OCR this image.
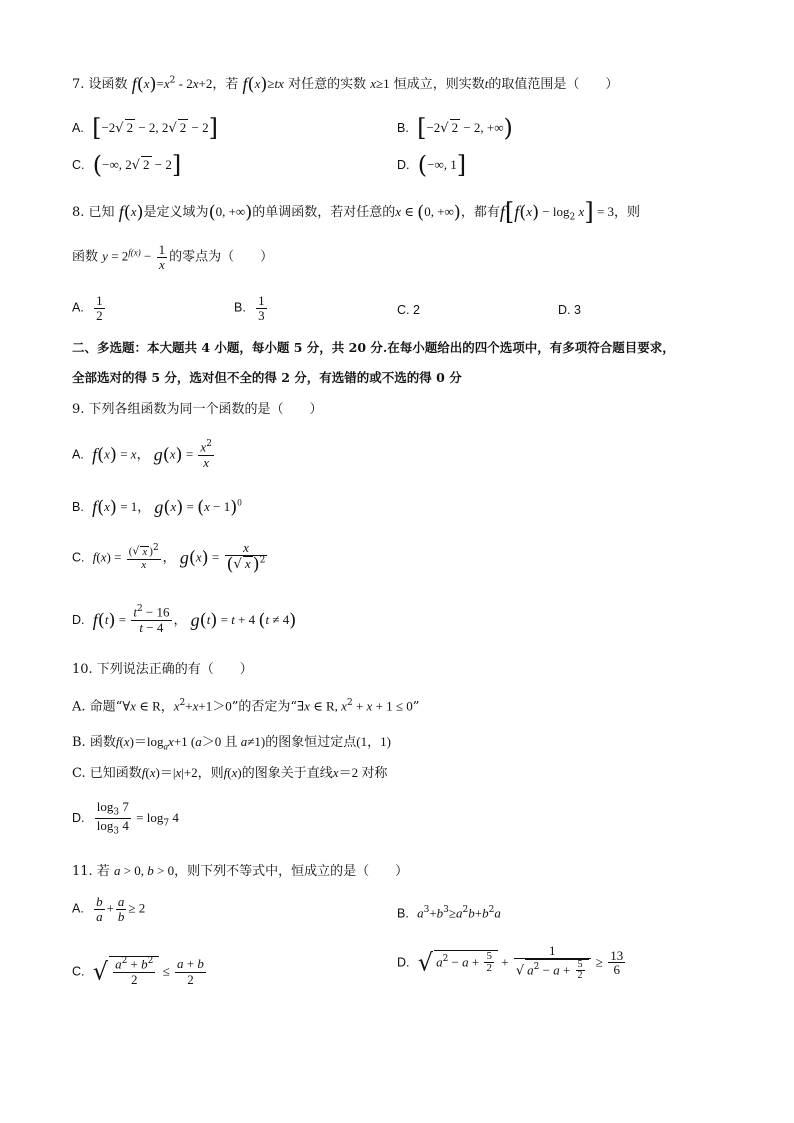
7. 设函数 $f(x)=x^2 - 2x+2$，若 f(x)≥tx 对任意的实数 x≥1 恒成立，则实数t的取值范围是（　　）
A. [−2√ 2 − 2, 2√ 2 − 2]	B. [−2√ 2 − 2, +∞)
C. (−∞, 2√ 2 − 2]	D. (−∞, 1]
8. 已知 f(x)是定义域为(0, +∞)的单调函数，若对任意的x ∈ (0, +∞)，都有$f[f(x) - \log_2 x] = 3$，则
函数 $y = 2^{f(x)} - \frac{1}{x}$ 的零点为（　　）
A. $\frac{1}{2}$	B. $\frac{1}{3}$	C. 2	D. 3
二、多选题：本大题共 4 小题，每小题 5 分，共 20 分.在每小题给出的四个选项中，有多项符合题目要求，
全部选对的得 5 分，选对但不全的得 2 分，有选错的或不选的得 0 分
9. 下列各组函数为同一个函数的是（　　）
A. f(x) = x， $g(x) = \frac{x^2}{x}$
B. f(x) = 1， $g(x) = (x - 1)^0$
C. $f(x) = \frac{(√ x )^2}{x}$ ， $g(x) = \frac{x}{(√ x )^2}$
D. $f(t) = \frac{t^2 - 16}{t - 4}$ ， g(t) = t + 4 (t ≠ 4)
10. 下列说法正确的有（　　）
A. 命题“∀x ∈ R，$x^2+x+1>0$”的否定为“∃x ∈ R, $x^2 + x + 1 \le 0$”
B. 函数$f(x)=\log_ax+1$ (a＞0 且 a≠1)的图象恒过定点(1，1)
C. 已知函数f(x)＝|x|+2，则f(x)的图象关于直线x＝2 对称
D. $\frac{\log_3 7}{\log_3 4} = \log_7 4$
11. 若 a > 0, b > 0，则下列不等式中，恒成立的是（　　）
A. $\frac{b}{a} + \frac{a}{b} \ge 2$	B. $a^3+b^3\ge a^2b+b^2a$
C. √ $\frac{a^2 + b^2}{2} \le \frac{a + b}{2}$	D. √ $a^2 - a + \frac{5}{2} + \frac{1}{√ a^2 - a + \frac{5}{2}} \ge \frac{13}{6}$
